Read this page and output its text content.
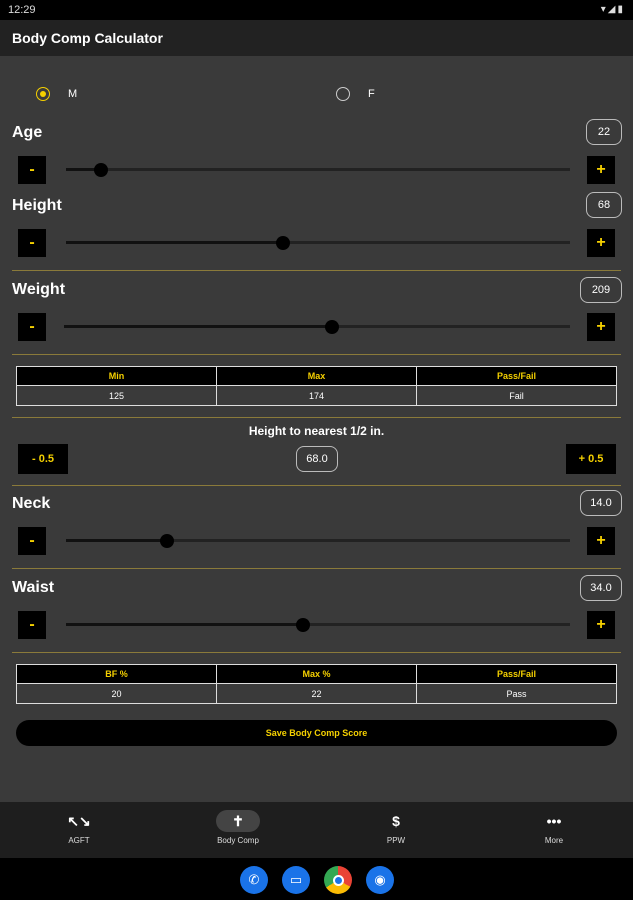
12:29	▾◢▮
Body Comp Calculator
M	F
Age	22
-	+
Height	68
-	+
Weight	209
-	+
Min	Max	Pass/Fail
125	174	Fail
Height to nearest 1/2 in.
- 0.5	68.0	+ 0.5
Neck	14.0
-	+
Waist	34.0
-	+
BF %	Max %	Pass/Fail
20	22	Pass
Save Body Comp Score
↖↘
AGFT
✝
Body Comp
$
PPW
•••
More
✆	▭	◉
